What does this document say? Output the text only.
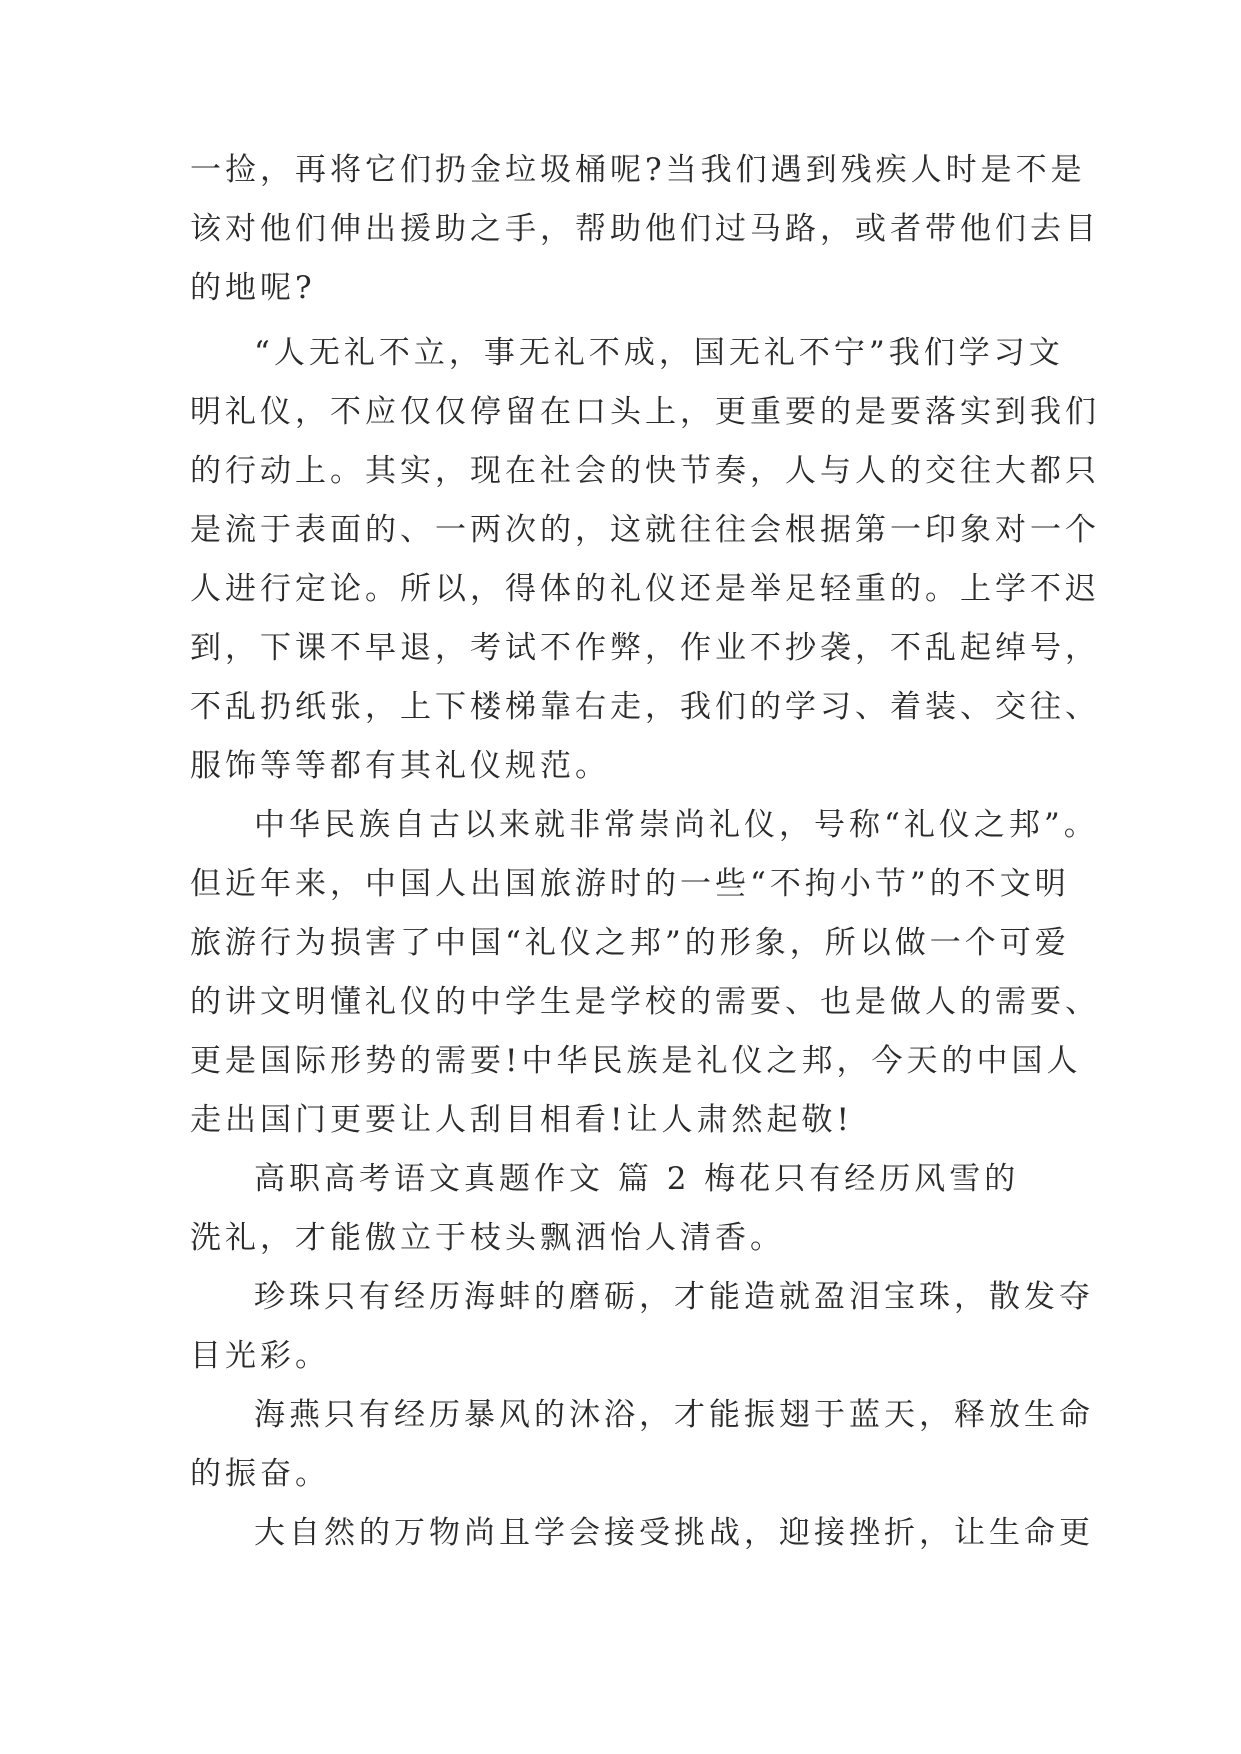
一捡，再将它们扔金垃圾桶呢?当我们遇到残疾人时是不是
该对他们伸出援助之手，帮助他们过马路，或者带他们去目
的地呢?
“人无礼不立，事无礼不成，国无礼不宁”我们学习文
明礼仪，不应仅仅停留在口头上，更重要的是要落实到我们
的行动上。其实，现在社会的快节奏，人与人的交往大都只
是流于表面的、一两次的，这就往往会根据第一印象对一个
人进行定论。所以，得体的礼仪还是举足轻重的。上学不迟
到，下课不早退，考试不作弊，作业不抄袭，不乱起绰号，
不乱扔纸张，上下楼梯靠右走，我们的学习、着装、交往、
服饰等等都有其礼仪规范。
中华民族自古以来就非常崇尚礼仪，号称“礼仪之邦”。
但近年来，中国人出国旅游时的一些“不拘小节”的不文明
旅游行为损害了中国“礼仪之邦”的形象，所以做一个可爱
的讲文明懂礼仪的中学生是学校的需要、也是做人的需要、
更是国际形势的需要!中华民族是礼仪之邦，今天的中国人
走出国门更要让人刮目相看!让人肃然起敬!
高职高考语文真题作文 篇 2 梅花只有经历风雪的
洗礼，才能傲立于枝头飘洒怡人清香。
珍珠只有经历海蚌的磨砺，才能造就盈泪宝珠，散发夺
目光彩。
海燕只有经历暴风的沐浴，才能振翅于蓝天，释放生命
的振奋。
大自然的万物尚且学会接受挑战，迎接挫折，让生命更
